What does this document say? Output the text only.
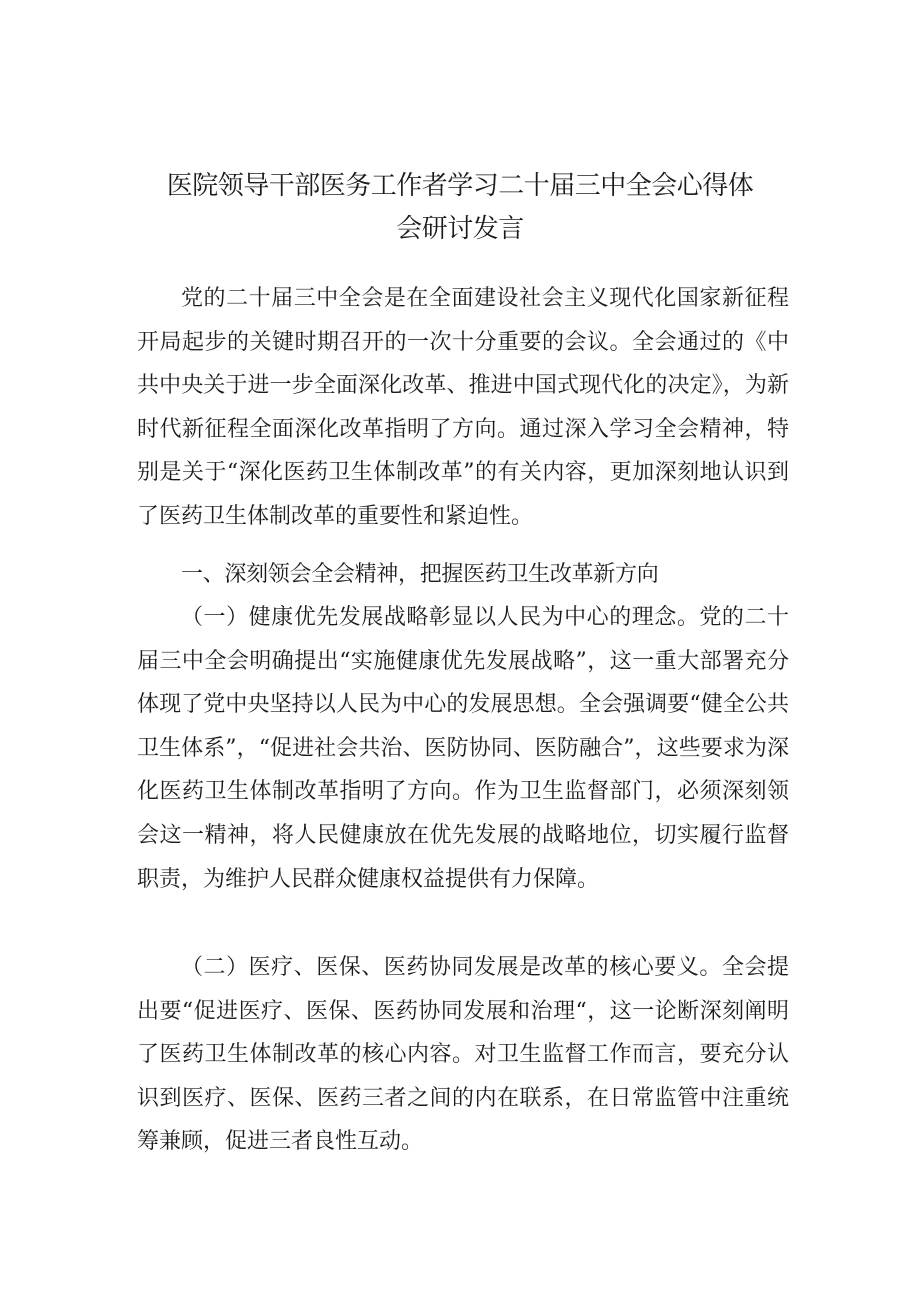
医院领导干部医务工作者学习二十届三中全会心得体
会研讨发言

党的二十届三中全会是在全面建设社会主义现代化国家新征程开局起步的关键时期召开的一次十分重要的会议。全会通过的《中共中央关于进一步全面深化改革、推进中国式现代化的决定》，为新时代新征程全面深化改革指明了方向。通过深入学习全会精神，特别是关于“深化医药卫生体制改革”的有关内容，更加深刻地认识到了医药卫生体制改革的重要性和紧迫性。

一、深刻领会全会精神，把握医药卫生改革新方向

（一）健康优先发展战略彰显以人民为中心的理念。党的二十届三中全会明确提出“实施健康优先发展战略”，这一重大部署充分体现了党中央坚持以人民为中心的发展思想。全会强调要“健全公共卫生体系”，“促进社会共治、医防协同、医防融合”，这些要求为深化医药卫生体制改革指明了方向。作为卫生监督部门，必须深刻领会这一精神，将人民健康放在优先发展的战略地位，切实履行监督职责，为维护人民群众健康权益提供有力保障。

（二）医疗、医保、医药协同发展是改革的核心要义。全会提出要“促进医疗、医保、医药协同发展和治理“，这一论断深刻阐明了医药卫生体制改革的核心内容。对卫生监督工作而言，要充分认识到医疗、医保、医药三者之间的内在联系，在日常监管中注重统筹兼顾，促进三者良性互动。
